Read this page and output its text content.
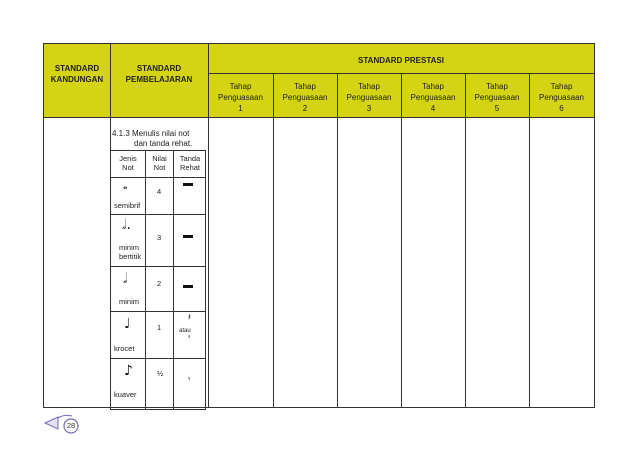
STANDARD
KANDUNGAN
STANDARD
PEMBELAJARAN
STANDARD PRESTASI
Tahap
Penguasaan
1
Tahap
Penguasaan
2
Tahap
Penguasaan
3
Tahap
Penguasaan
4
Tahap
Penguasaan
5
Tahap
Penguasaan
6
4.1.3 Menulis nilai not
dan tanda rehat.
Jenis
Not
Nilai
Not
Tanda
Rehat
𝅝
semibrif
4
𝅗𝅥.
minim
bertitik
3
𝅗𝅥
minim
2
♩
krocet
1
𝄽
atau
𝄾
♪
kuaver
½
𝄾
28
